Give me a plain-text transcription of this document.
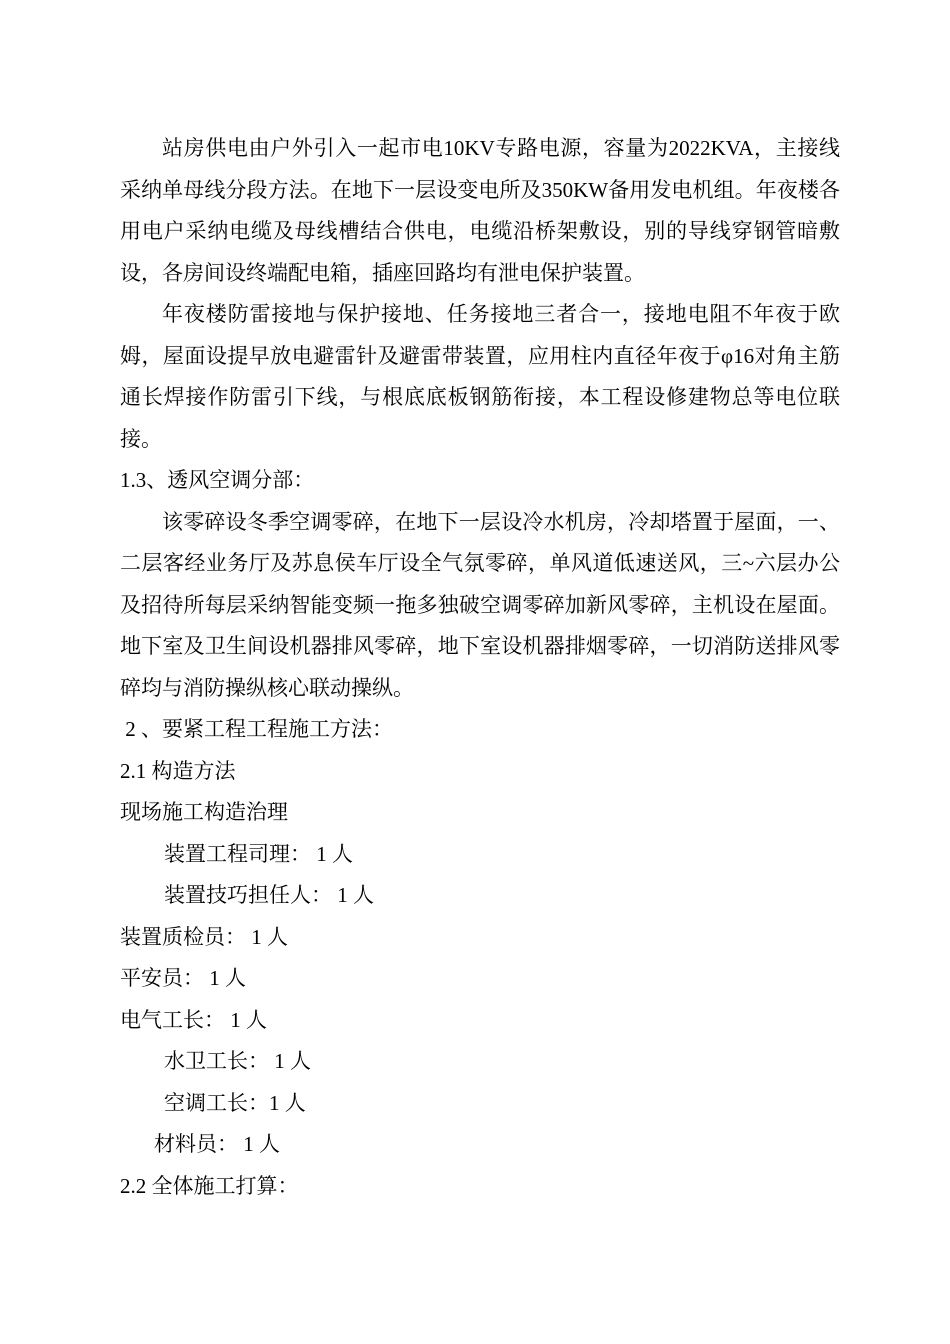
站房供电由户外引入一起市电10KV专路电源，容量为2022KVA，主接线采纳单母线分段方法。在地下一层设变电所及350KW备用发电机组。年夜楼各用电户采纳电缆及母线槽结合供电，电缆沿桥架敷设，别的导线穿钢管暗敷设，各房间设终端配电箱，插座回路均有泄电保护装置。

年夜楼防雷接地与保护接地、任务接地三者合一，接地电阻不年夜于欧姆，屋面设提早放电避雷针及避雷带装置，应用柱内直径年夜于φ16对角主筋通长焊接作防雷引下线，与根底底板钢筋衔接，本工程设修建物总等电位联接。

1.3、透风空调分部：

该零碎设冬季空调零碎，在地下一层设冷水机房，冷却塔置于屋面，一、二层客经业务厅及苏息侯车厅设全气氛零碎，单风道低速送风，三~六层办公及招待所每层采纳智能变频一拖多独破空调零碎加新风零碎，主机设在屋面。地下室及卫生间设机器排风零碎，地下室设机器排烟零碎，一切消防送排风零碎均与消防操纵核心联动操纵。

2 、要紧工程工程施工方法：

2.1 构造方法

现场施工构造治理

装置工程司理： 1 人

装置技巧担任人： 1 人

装置质检员： 1 人

平安员： 1 人

电气工长： 1 人

水卫工长： 1 人

空调工长：1 人

材料员： 1 人

2.2 全体施工打算：
